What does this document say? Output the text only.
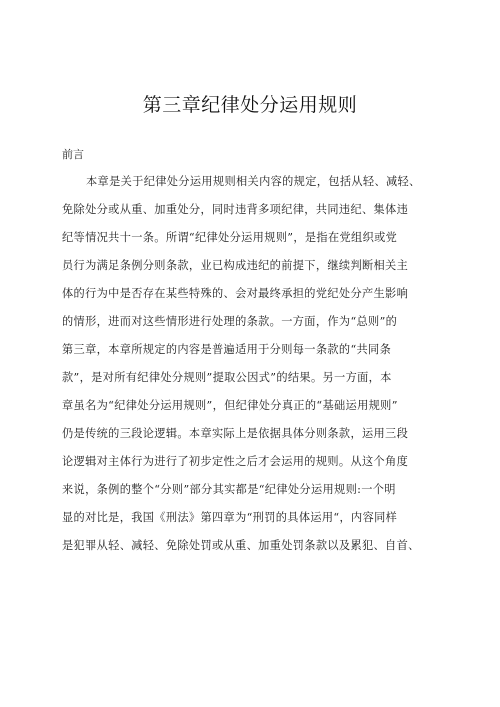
第三章纪律处分运用规则
前言
本章是关于纪律处分运用规则相关内容的规定，包括从轻、减轻、
免除处分或从重、加重处分，同时违背多项纪律，共同违纪、集体违
纪等情况共十一条。所谓“纪律处分运用规则”，是指在党组织或党
员行为满足条例分则条款，业已构成违纪的前提下，继续判断相关主
体的行为中是否存在某些特殊的、会对最终承担的党纪处分产生影响
的情形，进而对这些情形进行处理的条款。一方面，作为“总则”的
第三章，本章所规定的内容是普遍适用于分则每一条款的“共同条
款”，是对所有纪律处分规则”提取公因式”的结果。另一方面，本
章虽名为“纪律处分运用规则”，但纪律处分真正的“基础运用规则”
仍是传统的三段论逻辑。本章实际上是依据具体分则条款，运用三段
论逻辑对主体行为进行了初步定性之后才会运用的规则。从这个角度
来说，条例的整个“分则”部分其实都是“纪律处分运用规则:一个明
显的对比是，我国《刑法》第四章为“刑罚的具体运用“，内容同样
是犯罪从轻、减轻、免除处罚或从重、加重处罚条款以及累犯、自首、
